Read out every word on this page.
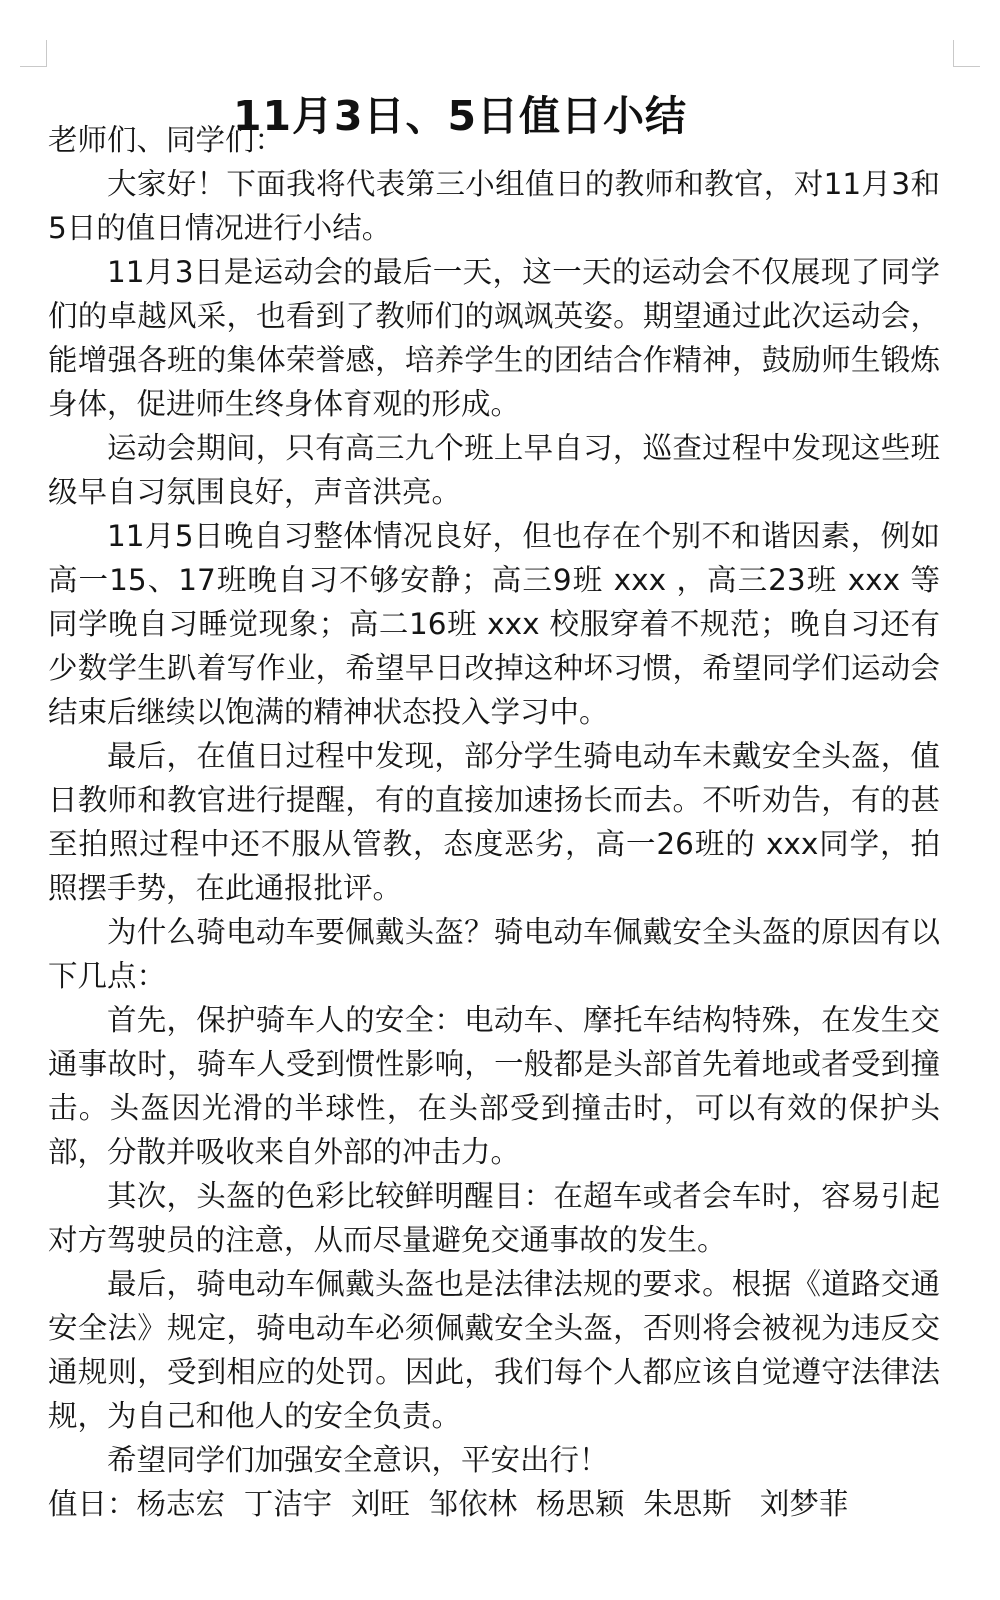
11月3日、5日值日小结

老师们、同学们：

大家好！下面我将代表第三小组值日的教师和教官，对11月3和5日的值日情况进行小结。

11月3日是运动会的最后一天，这一天的运动会不仅展现了同学们的卓越风采，也看到了教师们的飒飒英姿。期望通过此次运动会，能增强各班的集体荣誉感，培养学生的团结合作精神，鼓励师生锻炼身体，促进师生终身体育观的形成。

运动会期间，只有高三九个班上早自习，巡查过程中发现这些班级早自习氛围良好，声音洪亮。

11月5日晚自习整体情况良好，但也存在个别不和谐因素，例如高一15、17班晚自习不够安静；高三9班 xxx ，高三23班 xxx 等同学晚自习睡觉现象；高二16班 xxx 校服穿着不规范；晚自习还有少数学生趴着写作业，希望早日改掉这种坏习惯，希望同学们运动会结束后继续以饱满的精神状态投入学习中。

最后，在值日过程中发现，部分学生骑电动车未戴安全头盔，值日教师和教官进行提醒，有的直接加速扬长而去。不听劝告，有的甚至拍照过程中还不服从管教，态度恶劣，高一26班的 xxx同学，拍照摆手势，在此通报批评。

为什么骑电动车要佩戴头盔？骑电动车佩戴安全头盔的原因有以下几点：

首先，保护骑车人的安全：电动车、摩托车结构特殊，在发生交通事故时，骑车人受到惯性影响，一般都是头部首先着地或者受到撞击。头盔因光滑的半球性，在头部受到撞击时，可以有效的保护头部，分散并吸收来自外部的冲击力。

其次，头盔的色彩比较鲜明醒目：在超车或者会车时，容易引起对方驾驶员的注意，从而尽量避免交通事故的发生。

最后，骑电动车佩戴头盔也是法律法规的要求。根据《道路交通安全法》规定，骑电动车必须佩戴安全头盔，否则将会被视为违反交通规则，受到相应的处罚。因此，我们每个人都应该自觉遵守法律法规，为自己和他人的安全负责。

希望同学们加强安全意识，平安出行！

值日：杨志宏  丁洁宇  刘旺  邹依林  杨思颖  朱思斯   刘梦菲
